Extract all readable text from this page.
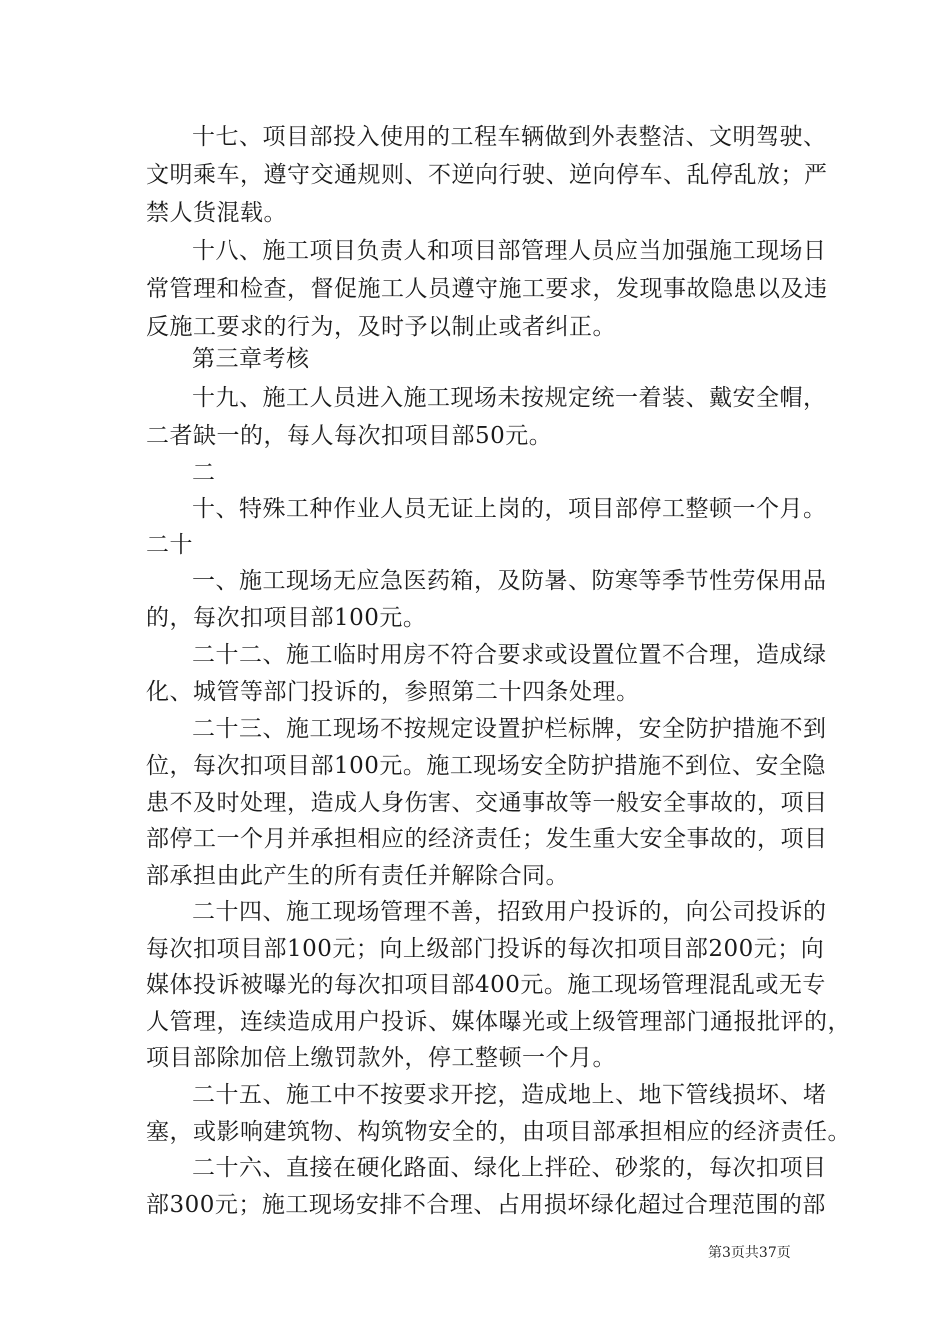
十七、项目部投入使用的工程车辆做到外表整洁、文明驾驶、
文明乘车，遵守交通规则、不逆向行驶、逆向停车、乱停乱放；严
禁人货混载。
十八、施工项目负责人和项目部管理人员应当加强施工现场日
常管理和检查，督促施工人员遵守施工要求，发现事故隐患以及违
反施工要求的行为，及时予以制止或者纠正。
第三章考核
十九、施工人员进入施工现场未按规定统一着装、戴安全帽，
二者缺一的，每人每次扣项目部50元。
二
十、特殊工种作业人员无证上岗的，项目部停工整顿一个月。
二十
一、施工现场无应急医药箱，及防暑、防寒等季节性劳保用品
的，每次扣项目部100元。
二十二、施工临时用房不符合要求或设置位置不合理，造成绿
化、城管等部门投诉的，参照第二十四条处理。
二十三、施工现场不按规定设置护栏标牌，安全防护措施不到
位，每次扣项目部100元。施工现场安全防护措施不到位、安全隐
患不及时处理，造成人身伤害、交通事故等一般安全事故的，项目
部停工一个月并承担相应的经济责任；发生重大安全事故的，项目
部承担由此产生的所有责任并解除合同。
二十四、施工现场管理不善，招致用户投诉的，向公司投诉的
每次扣项目部100元；向上级部门投诉的每次扣项目部200元；向
媒体投诉被曝光的每次扣项目部400元。施工现场管理混乱或无专
人管理，连续造成用户投诉、媒体曝光或上级管理部门通报批评的，
项目部除加倍上缴罚款外，停工整顿一个月。
二十五、施工中不按要求开挖，造成地上、地下管线损坏、堵
塞，或影响建筑物、构筑物安全的，由项目部承担相应的经济责任。
二十六、直接在硬化路面、绿化上拌砼、砂浆的，每次扣项目
部300元；施工现场安排不合理、占用损坏绿化超过合理范围的部
第3页共37页
